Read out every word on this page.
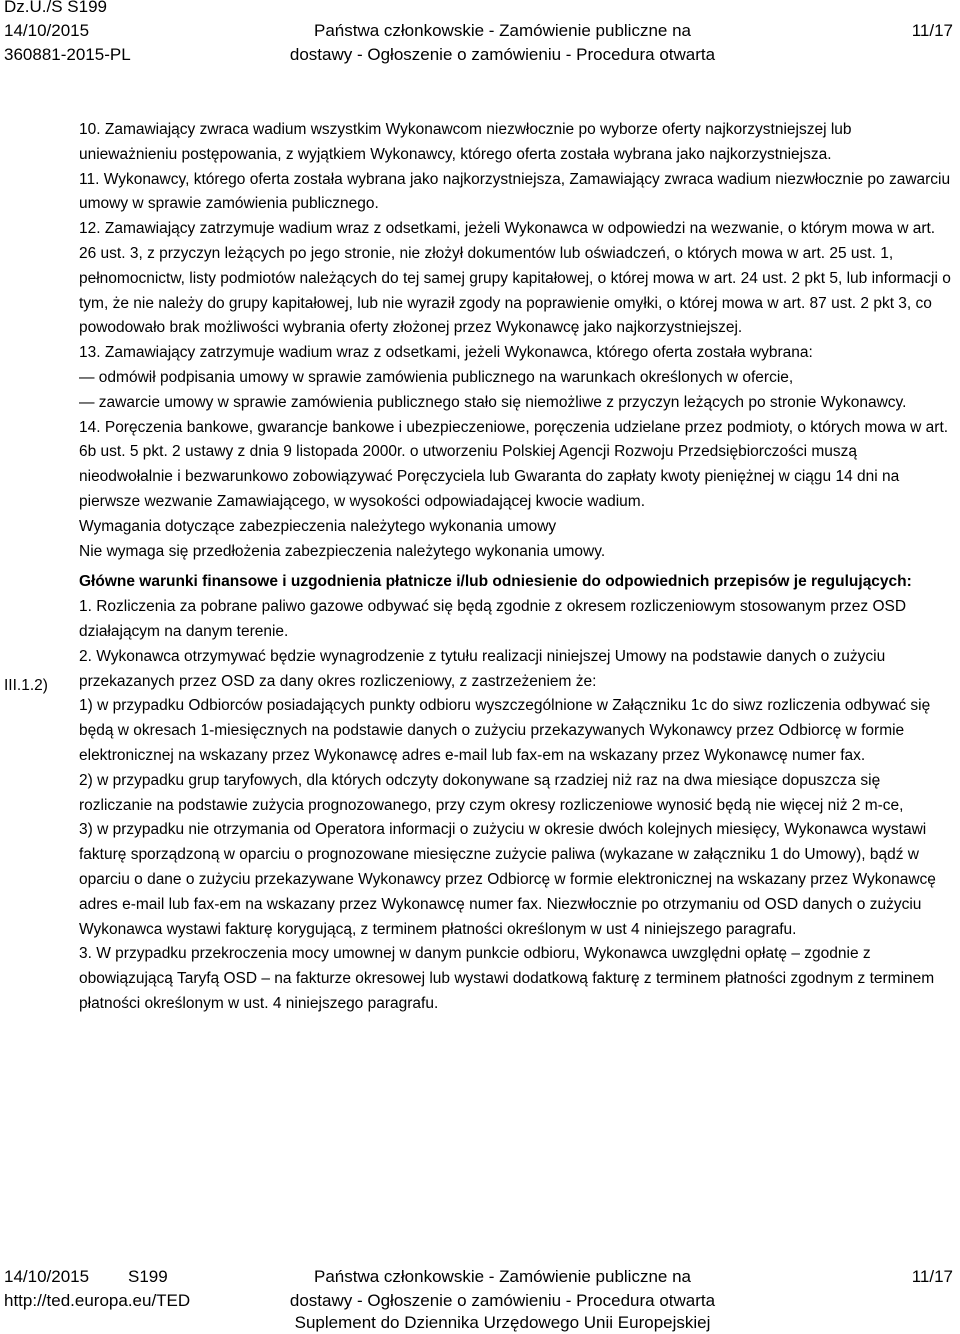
Dz.U./S S199
14/10/2015
360881-2015-PL
Państwa członkowskie - Zamówienie publiczne na
dostawy - Ogłoszenie o zamówieniu - Procedura otwarta
11/17
III.1.2)

10. Zamawiający zwraca wadium wszystkim Wykonawcom niezwłocznie po wyborze oferty najkorzystniejszej lub unieważnieniu postępowania, z wyjątkiem Wykonawcy, którego oferta została wybrana jako najkorzystniejsza.

11. Wykonawcy, którego oferta została wybrana jako najkorzystniejsza, Zamawiający zwraca wadium niezwłocznie po zawarciu umowy w sprawie zamówienia publicznego.

12. Zamawiający zatrzymuje wadium wraz z odsetkami, jeżeli Wykonawca w odpowiedzi na wezwanie, o którym mowa w art. 26 ust. 3, z przyczyn leżących po jego stronie, nie złożył dokumentów lub oświadczeń, o których mowa w art. 25 ust. 1, pełnomocnictw, listy podmiotów należących do tej samej grupy kapitałowej, o której mowa w art. 24 ust. 2 pkt 5, lub informacji o tym, że nie należy do grupy kapitałowej, lub nie wyraził zgody na poprawienie omyłki, o której mowa w art. 87 ust. 2 pkt 3, co powodowało brak możliwości wybrania oferty złożonej przez Wykonawcę jako najkorzystniejszej.

13. Zamawiający zatrzymuje wadium wraz z odsetkami, jeżeli Wykonawca, którego oferta została wybrana:

— odmówił podpisania umowy w sprawie zamówienia publicznego na warunkach określonych w ofercie,

— zawarcie umowy w sprawie zamówienia publicznego stało się niemożliwe z przyczyn leżących po stronie Wykonawcy.

14. Poręczenia bankowe, gwarancje bankowe i ubezpieczeniowe, poręczenia udzielane przez podmioty, o których mowa w art. 6b ust. 5 pkt. 2 ustawy z dnia 9 listopada 2000r. o utworzeniu Polskiej Agencji Rozwoju Przedsiębiorczości muszą nieodwołalnie i bezwarunkowo zobowiązywać Poręczyciela lub Gwaranta do zapłaty kwoty pieniężnej w ciągu 14 dni na pierwsze wezwanie Zamawiającego, w wysokości odpowiadającej kwocie wadium.

Wymagania dotyczące zabezpieczenia należytego wykonania umowy

Nie wymaga się przedłożenia zabezpieczenia należytego wykonania umowy.

Główne warunki finansowe i uzgodnienia płatnicze i/lub odniesienie do odpowiednich przepisów je regulujących:

1. Rozliczenia za pobrane paliwo gazowe odbywać się będą zgodnie z okresem rozliczeniowym stosowanym przez OSD działającym na danym terenie.

2. Wykonawca otrzymywać będzie wynagrodzenie z tytułu realizacji niniejszej Umowy na podstawie danych o zużyciu przekazanych przez OSD za dany okres rozliczeniowy, z zastrzeżeniem że:

1) w przypadku Odbiorców posiadających punkty odbioru wyszczególnione w Załączniku 1c do siwz rozliczenia odbywać się będą w okresach 1-miesięcznych na podstawie danych o zużyciu przekazywanych Wykonawcy przez Odbiorcę w formie elektronicznej na wskazany przez Wykonawcę adres e-mail lub fax-em na wskazany przez Wykonawcę numer fax.

2) w przypadku grup taryfowych, dla których odczyty dokonywane są rzadziej niż raz na dwa miesiące dopuszcza się rozliczanie na podstawie zużycia prognozowanego, przy czym okresy rozliczeniowe wynosić będą nie więcej niż 2 m-ce,

3) w przypadku nie otrzymania od Operatora informacji o zużyciu w okresie dwóch kolejnych miesięcy, Wykonawca wystawi fakturę sporządzoną w oparciu o prognozowane miesięczne zużycie paliwa (wykazane w załączniku 1 do Umowy), bądź w oparciu o dane o zużyciu przekazywane Wykonawcy przez Odbiorcę w formie elektronicznej na wskazany przez Wykonawcę adres e-mail lub fax-em na wskazany przez Wykonawcę numer fax. Niezwłocznie po otrzymaniu od OSD danych o zużyciu Wykonawca wystawi fakturę korygującą, z terminem płatności określonym w ust 4 niniejszego paragrafu.

3. W przypadku przekroczenia mocy umownej w danym punkcie odbioru, Wykonawca uwzględni opłatę – zgodnie z obowiązującą Taryfą OSD – na fakturze okresowej lub wystawi dodatkową fakturę z terminem płatności zgodnym z terminem płatności określonym w ust. 4 niniejszego paragrafu.

14/10/2015 S199
http://ted.europa.eu/TED
Państwa członkowskie - Zamówienie publiczne na
dostawy - Ogłoszenie o zamówieniu - Procedura otwarta
Suplement do Dziennika Urzędowego Unii Europejskiej
11/17
